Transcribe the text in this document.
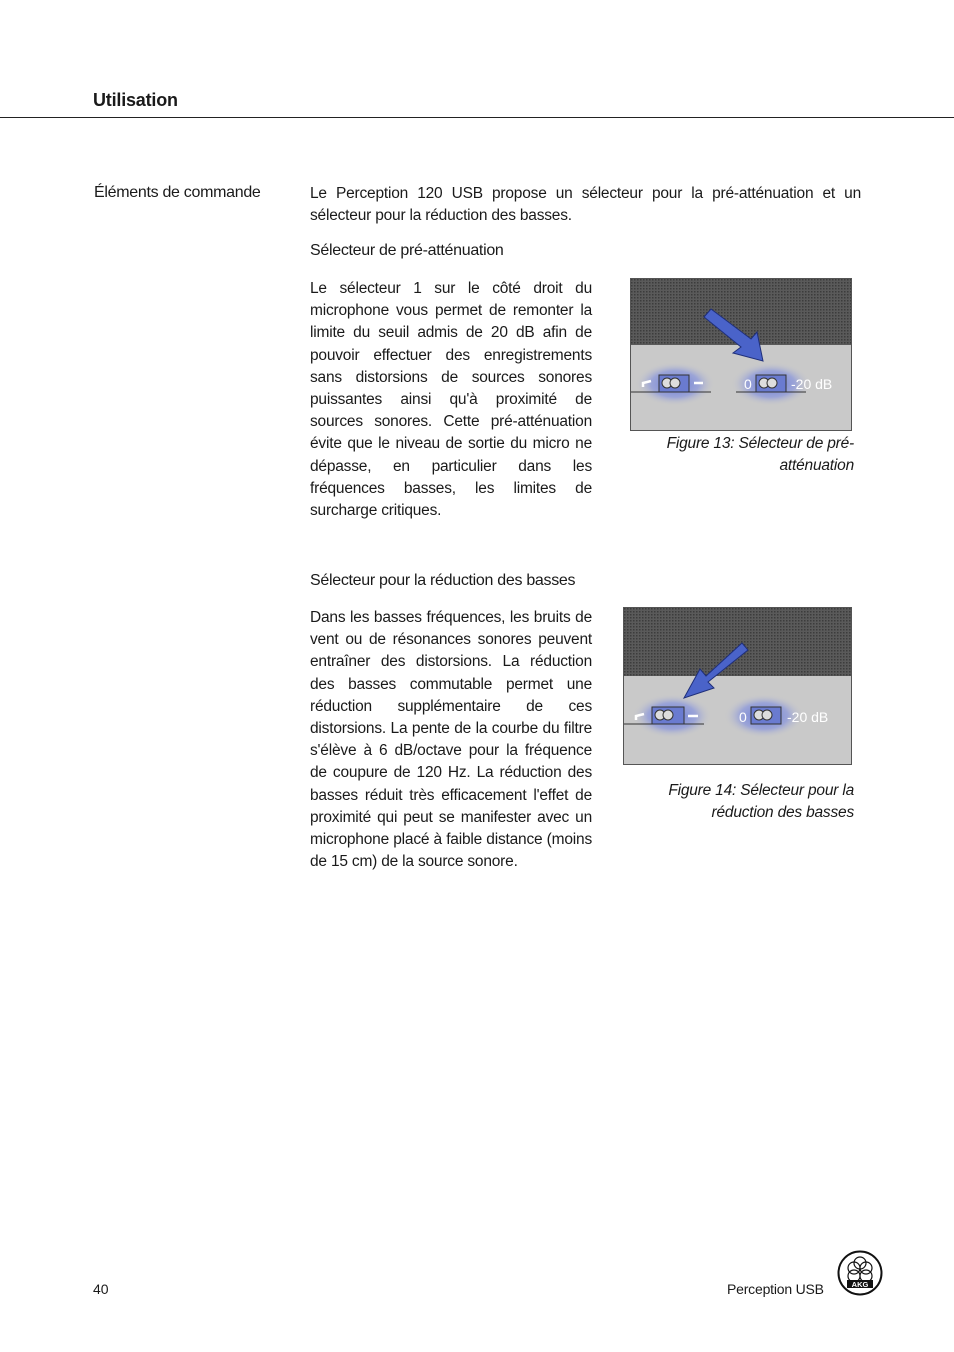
Utilisation
Éléments de commande	Le Perception 120 USB propose un sélecteur pour la pré-atténuation et un sélecteur pour la réduction des basses.
Sélecteur de pré-atténuation
Le sélecteur 1 sur le côté droit du microphone vous permet de remonter la limite du seuil admis de 20 dB afin de pouvoir effectuer des enregistrements sans distorsions de sources sonores puissantes ainsi qu'à proximité de sources sonores. Cette pré-atténuation évite que le niveau de sortie du micro ne dépasse, en particulier dans les fréquences basses, les limites de surcharge critiques.
0	-20 dB
Figure 13: Sélecteur de pré-atténuation
Sélecteur pour la réduction des basses
Dans les basses fréquences, les bruits de vent ou de résonances sonores peuvent entraîner des distorsions. La réduction des basses commutable permet une réduction supplémentaire de ces distorsions. La pente de la courbe du filtre s'élève à 6 dB/octave pour la fréquence de coupure de 120 Hz. La réduction des basses réduit très efficacement l'effet de proximité qui peut se manifester avec un microphone placé à faible distance (moins de 15 cm) de la source sonore.
0	-20 dB
Figure 14: Sélecteur pour la réduction des basses
40	Perception USB	AKG
